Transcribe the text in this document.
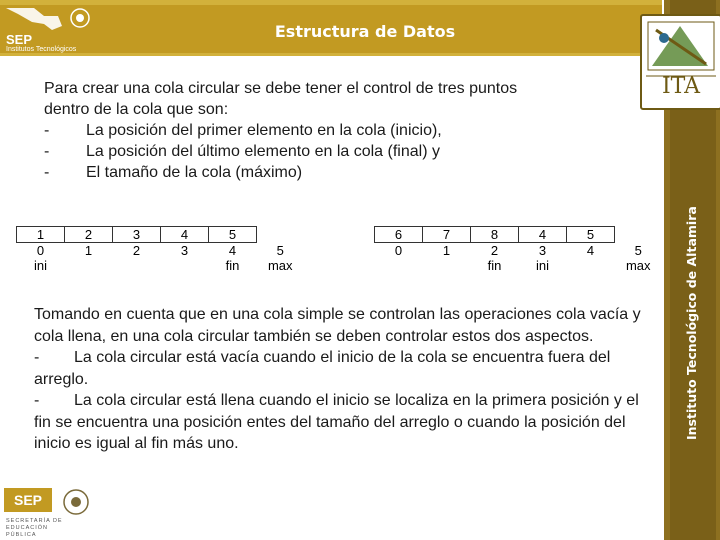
SEP
Institutos Tecnológicos
Estructura de Datos
ITA
Instituto Tecnológico de Altamira
Para crear una cola circular se debe tener el control de tres puntos
dentro de la cola que son:
-	La posición del primer elemento en la cola (inicio),
-	La posición del último elemento en la cola (final) y
-	El tamaño de la cola (máximo)
1	2	3	4	5	
0	1	2	3	4	5
ini				fin	max
6	7	8	4	5	
0	1	2	3	4	5
		fin	ini		max
Tomando en cuenta que en una cola simple se controlan las operaciones cola vacía y cola llena, en una cola circular también se deben controlar estos dos aspectos.
- La cola circular está vacía cuando el inicio de la cola se encuentra fuera del arreglo.
- La cola circular está llena cuando el inicio se localiza en la primera posición y el fin se encuentra una posición entes del tamaño del arreglo o cuando la posición del inicio es igual al fin más uno.
SEP
SECRETARÍA DE EDUCACIÓN PÚBLICA
